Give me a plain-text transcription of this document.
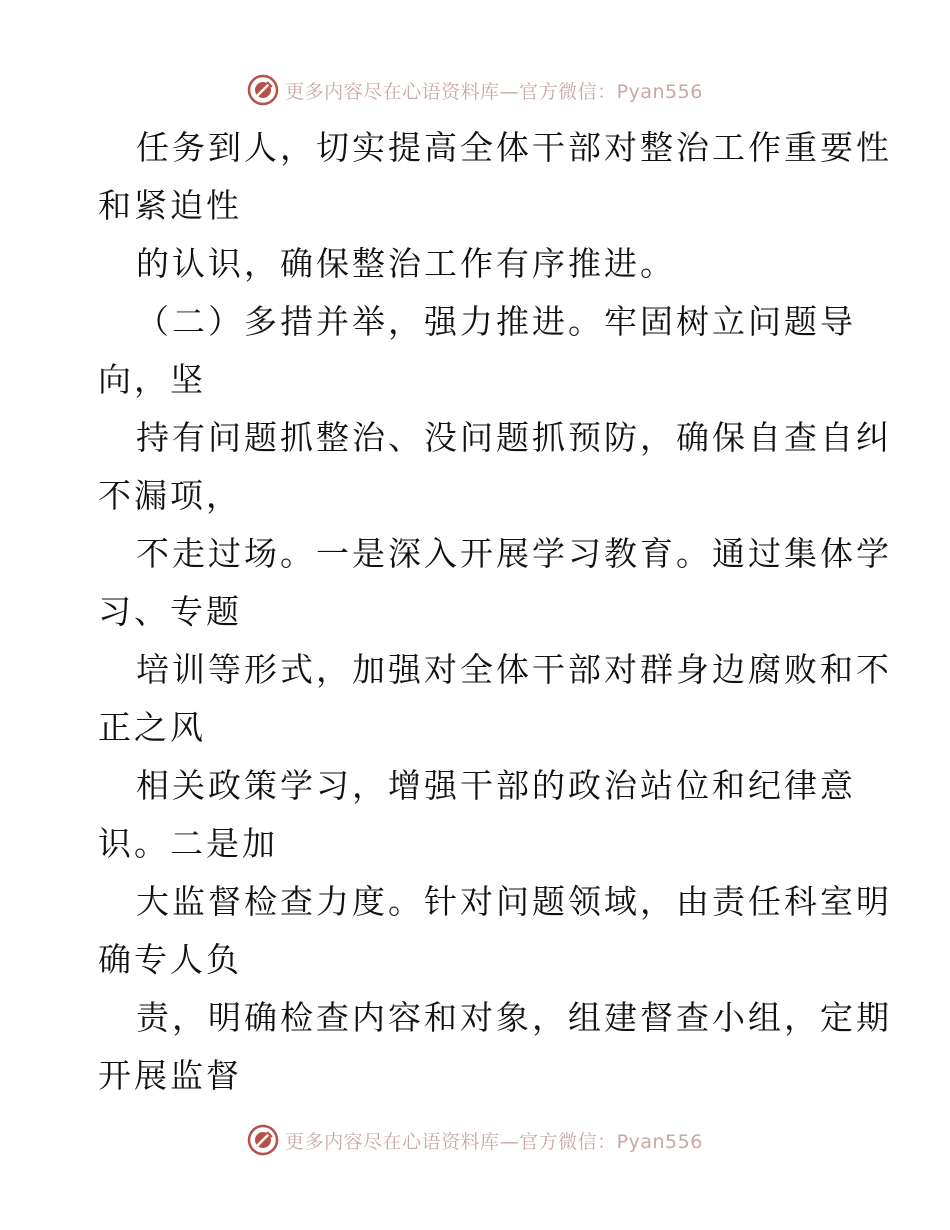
更多内容尽在心语资料库—官方微信：Pyan556
任务到人，切实提高全体干部对整治工作重要性
和紧迫性
的认识，确保整治工作有序推进。
（二）多措并举，强力推进。牢固树立问题导
向，坚
持有问题抓整治、没问题抓预防，确保自查自纠
不漏项，
不走过场。一是深入开展学习教育。通过集体学
习、专题
培训等形式，加强对全体干部对群身边腐败和不
正之风
相关政策学习，增强干部的政治站位和纪律意
识。二是加
大监督检查力度。针对问题领域，由责任科室明
确专人负
责，明确检查内容和对象，组建督查小组，定期
开展监督
更多内容尽在心语资料库—官方微信：Pyan556
